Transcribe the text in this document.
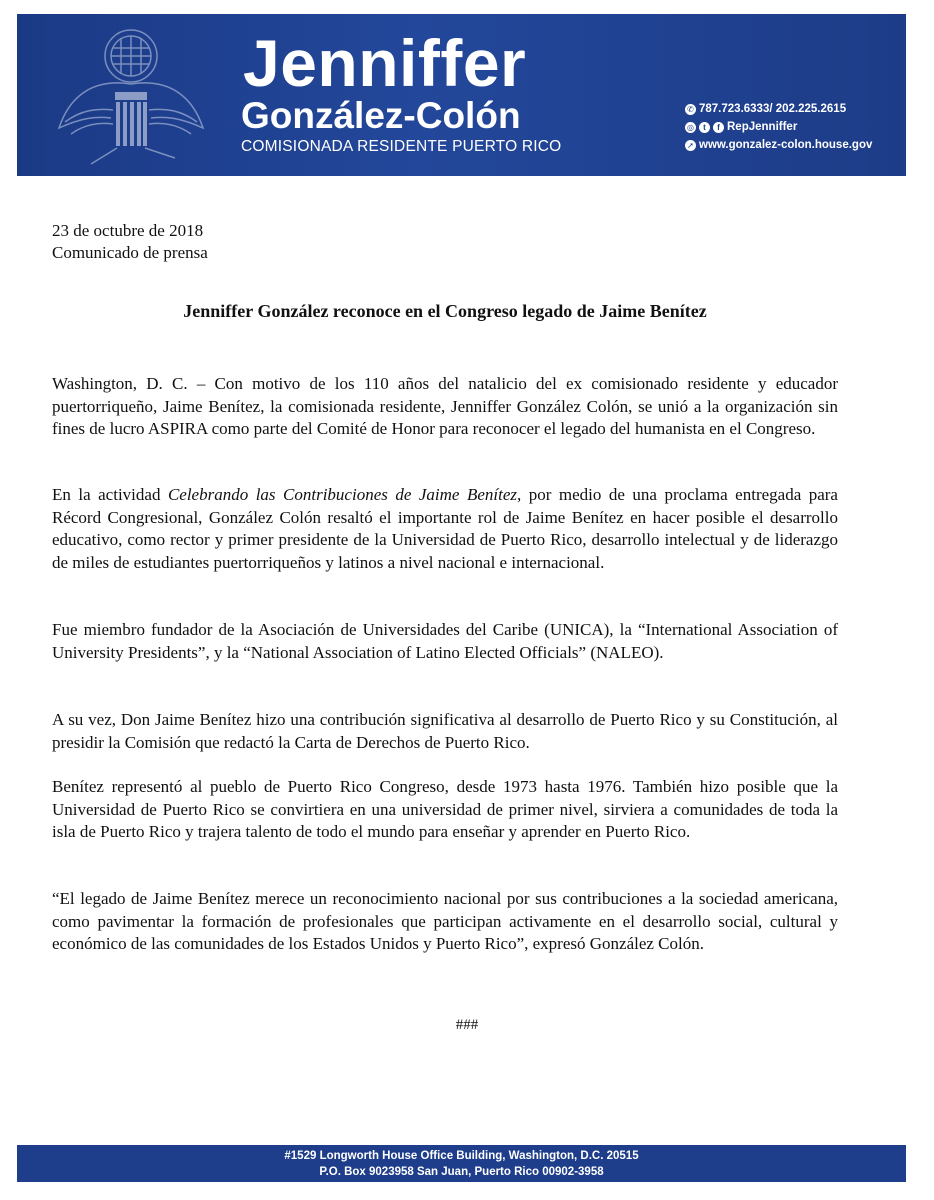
Jenniffer
González-Colón

COMISIONADA RESIDENTE PUERTO RICO

✆ 787.723.6333/ 202.225.2615
◎	t	f RepJenniffer
➚ www.gonzalez-colon.house.gov

23 de octubre de 2018

Comunicado de prensa

Jenniffer González reconoce en el Congreso legado de Jaime Benítez

Washington, D. C. – Con motivo de los 110 años del natalicio del ex comisionado residente y educador puertorriqueño, Jaime Benítez, la comisionada residente, Jenniffer González Colón, se unió a la organización sin fines de lucro ASPIRA como parte del Comité de Honor para reconocer el legado del humanista en el Congreso.

En la actividad Celebrando las Contribuciones de Jaime Benítez, por medio de una proclama entregada para Récord Congresional, González Colón resaltó el importante rol de Jaime Benítez en hacer posible el desarrollo educativo, como rector y primer presidente de la Universidad de Puerto Rico, desarrollo intelectual y de liderazgo de miles de estudiantes puertorriqueños y latinos a nivel nacional e internacional.

Fue miembro fundador de la Asociación de Universidades del Caribe (UNICA), la “International Association of University Presidents”, y la “National Association of Latino Elected Officials” (NALEO).

A su vez, Don Jaime Benítez hizo una contribución significativa al desarrollo de Puerto Rico y su Constitución, al presidir la Comisión que redactó la Carta de Derechos de Puerto Rico.

Benítez representó al pueblo de Puerto Rico Congreso, desde 1973 hasta 1976. También hizo posible que la Universidad de Puerto Rico se convirtiera en una universidad de primer nivel, sirviera a comunidades de toda la isla de Puerto Rico y trajera talento de todo el mundo para enseñar y aprender en Puerto Rico.

“El legado de Jaime Benítez merece un reconocimiento nacional por sus contribuciones a la sociedad americana, como pavimentar la formación de profesionales que participan activamente en el desarrollo social, cultural y económico de las comunidades de los Estados Unidos y Puerto Rico”, expresó González Colón.

###

#1529 Longworth House Office Building, Washington, D.C. 20515
P.O. Box 9023958 San Juan, Puerto Rico 00902-3958
